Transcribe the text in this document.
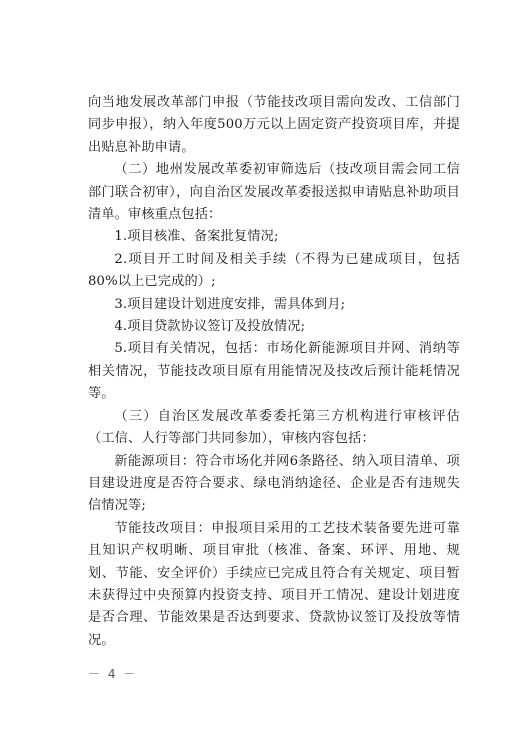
向当地发展改革部门申报（节能技改项目需向发改、工信部门同步申报），纳入年度500万元以上固定资产投资项目库，并提出贴息补助申请。

（二）地州发展改革委初审筛选后（技改项目需会同工信部门联合初审），向自治区发展改革委报送拟申请贴息补助项目清单。审核重点包括：

1.项目核准、备案批复情况;

2.项目开工时间及相关手续（不得为已建成项目，包括80%以上已完成的）;

3.项目建设计划进度安排，需具体到月;

4.项目贷款协议签订及投放情况;

5.项目有关情况，包括：市场化新能源项目并网、消纳等相关情况，节能技改项目原有用能情况及技改后预计能耗情况等。

（三）自治区发展改革委委托第三方机构进行审核评估（工信、人行等部门共同参加），审核内容包括：

新能源项目：符合市场化并网6条路径、纳入项目清单、项目建设进度是否符合要求、绿电消纳途径、企业是否有违规失信情况等;

节能技改项目：申报项目采用的工艺技术装备要先进可靠且知识产权明晰、项目审批（核准、备案、环评、用地、规划、节能、安全评价）手续应已完成且符合有关规定、项目暂未获得过中央预算内投资支持、项目开工情况、建设计划进度是否合理、节能效果是否达到要求、贷款协议签订及投放等情况。

－ 4 －
